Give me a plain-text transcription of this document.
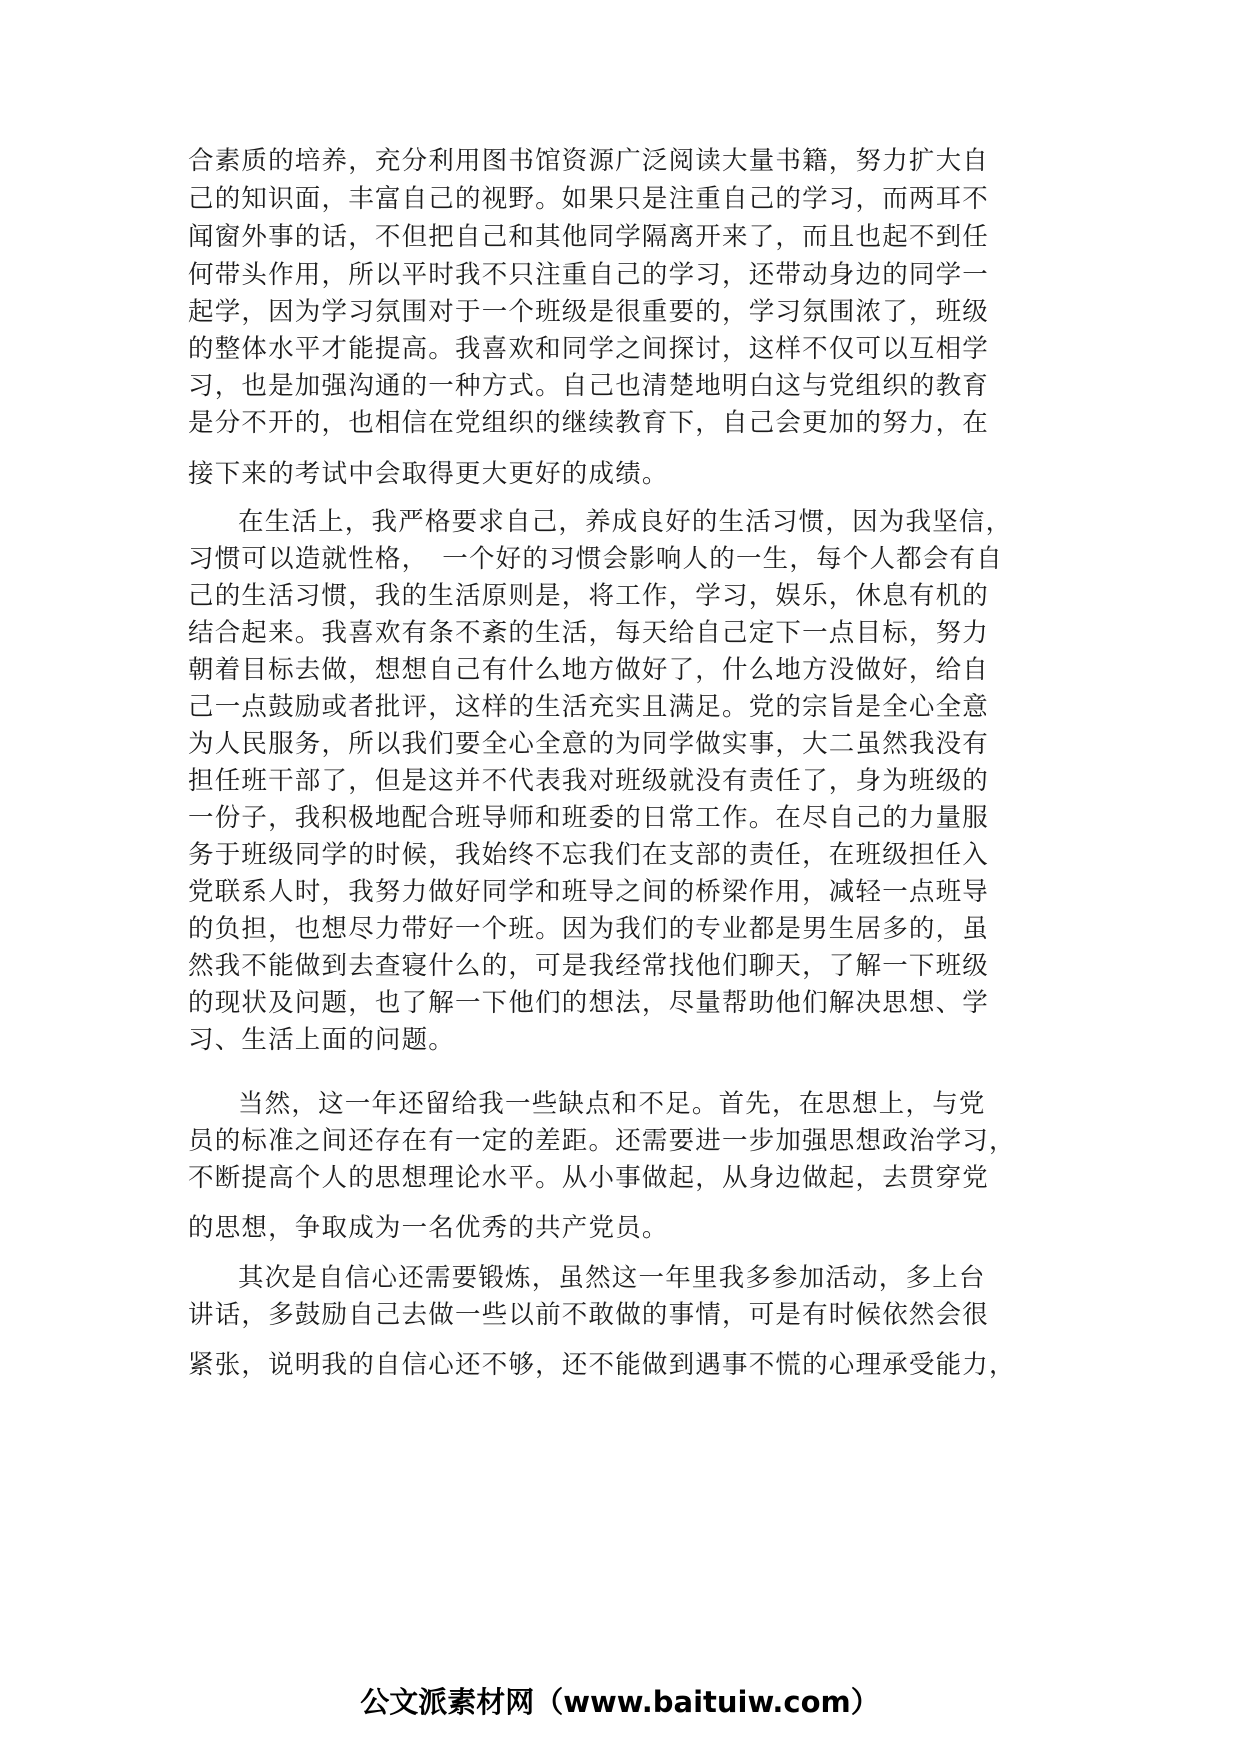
合素质的培养，充分利用图书馆资源广泛阅读大量书籍，努力扩大自
己的知识面，丰富自己的视野。如果只是注重自己的学习，而两耳不
闻窗外事的话，不但把自己和其他同学隔离开来了，而且也起不到任
何带头作用，所以平时我不只注重自己的学习，还带动身边的同学一
起学，因为学习氛围对于一个班级是很重要的，学习氛围浓了，班级
的整体水平才能提高。我喜欢和同学之间探讨，这样不仅可以互相学
习，也是加强沟通的一种方式。自己也清楚地明白这与党组织的教育
是分不开的，也相信在党组织的继续教育下，自己会更加的努力，在
接下来的考试中会取得更大更好的成绩。
在生活上，我严格要求自己，养成良好的生活习惯，因为我坚信，
习惯可以造就性格，　一个好的习惯会影响人的一生，每个人都会有自
己的生活习惯，我的生活原则是，将工作，学习，娱乐，休息有机的
结合起来。我喜欢有条不紊的生活，每天给自己定下一点目标，努力
朝着目标去做，想想自己有什么地方做好了，什么地方没做好，给自
己一点鼓励或者批评，这样的生活充实且满足。党的宗旨是全心全意
为人民服务，所以我们要全心全意的为同学做实事，大二虽然我没有
担任班干部了，但是这并不代表我对班级就没有责任了，身为班级的
一份子，我积极地配合班导师和班委的日常工作。在尽自己的力量服
务于班级同学的时候，我始终不忘我们在支部的责任，在班级担任入
党联系人时，我努力做好同学和班导之间的桥梁作用，减轻一点班导
的负担，也想尽力带好一个班。因为我们的专业都是男生居多的，虽
然我不能做到去查寝什么的，可是我经常找他们聊天，了解一下班级
的现状及问题，也了解一下他们的想法，尽量帮助他们解决思想、学
习、生活上面的问题。
当然，这一年还留给我一些缺点和不足。首先，在思想上，与党
员的标准之间还存在有一定的差距。还需要进一步加强思想政治学习，
不断提高个人的思想理论水平。从小事做起，从身边做起，去贯穿党
的思想，争取成为一名优秀的共产党员。
其次是自信心还需要锻炼，虽然这一年里我多参加活动，多上台
讲话，多鼓励自己去做一些以前不敢做的事情，可是有时候依然会很
紧张，说明我的自信心还不够，还不能做到遇事不慌的心理承受能力，
公文派素材网（www.baituiw.com）
